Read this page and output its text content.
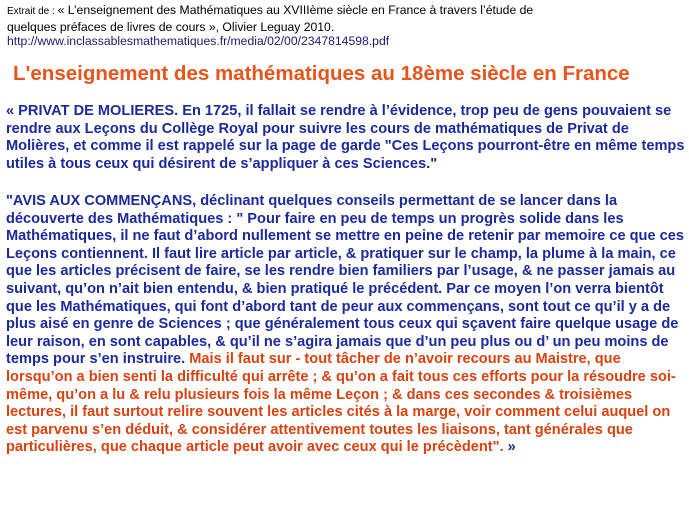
Extrait de : « L’enseignement des Mathématiques au XVIIIème siècle en France à travers l’étude de
quelques préfaces de livres de cours », Olivier Leguay 2010.
http://www.inclassablesmathematiques.fr/media/02/00/2347814598.pdf
L'enseignement des mathématiques au 18ème siècle en France
« PRIVAT DE MOLIERES. En 1725, il fallait se rendre à l’évidence, trop peu de gens pouvaient se rendre aux Leçons du Collège Royal pour suivre les cours de mathématiques de Privat de Molières, et comme il est rappelé sur la page de garde "Ces Leçons pourront-être en même temps utiles à tous ceux qui désirent de s’appliquer à ces Sciences."
"AVIS AUX COMMENÇANS, déclinant quelques conseils permettant de se lancer dans la découverte des Mathématiques : " Pour faire en peu de temps un progrès solide dans les Mathématiques, il ne faut d’abord nullement se mettre en peine de retenir par memoire ce que ces Leçons contiennent. Il faut lire article par article, & pratiquer sur le champ, la plume à la main, ce que les articles précisent de faire, se les rendre bien familiers par l’usage, & ne passer jamais au suivant, qu’on n’ait bien entendu, & bien pratiqué le précédent. Par ce moyen l’on verra bientôt que les Mathématiques, qui font d’abord tant de peur aux commençans, sont tout ce qu’il y a de plus aisé en genre de Sciences ; que généralement tous ceux qui sçavent faire quelque usage de leur raison, en sont capables, & qu’il ne s’agira jamais que d’un peu plus ou d’ un peu moins de temps pour s’en instruire. Mais il faut sur - tout tâcher de n’avoir recours au Maistre, que lorsqu’on a bien senti la difficulté qui arrête ; & qu’on a fait tous ces efforts pour la résoudre soi-même, qu’on a lu & relu plusieurs fois la même Leçon ; & dans ces secondes & troisièmes lectures, il faut surtout relire souvent les articles cités à la marge, voir comment celui auquel on est parvenu s’en déduit, & considérer attentivement toutes les liaisons, tant générales que particulières, que chaque article peut avoir avec ceux qui le précèdent". »
